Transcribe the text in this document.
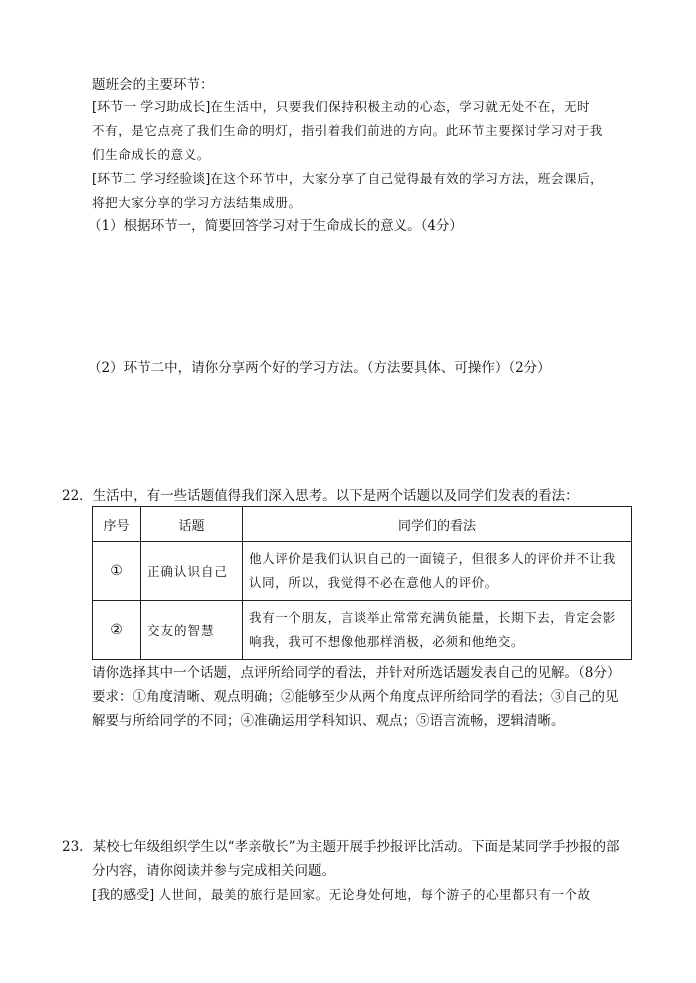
题班会的主要环节：
[环节一 学习助成长]在生活中，只要我们保持积极主动的心态，学习就无处不在，无时
不有，是它点亮了我们生命的明灯，指引着我们前进的方向。此环节主要探讨学习对于我
们生命成长的意义。
[环节二 学习经验谈]在这个环节中，大家分享了自己觉得最有效的学习方法，班会课后，
将把大家分享的学习方法结集成册。
（1）根据环节一，简要回答学习对于生命成长的意义。（4分）
（2）环节二中，请你分享两个好的学习方法。（方法要具体、可操作）（2分）
22．生活中，有一些话题值得我们深入思考。以下是两个话题以及同学们发表的看法：
序号	话题	同学们的看法
①	正确认识自己	他人评价是我们认识自己的一面镜子，但很多人的评价并不让我认同，所以，我觉得不必在意他人的评价。
②	交友的智慧	我有一个朋友，言谈举止常常充满负能量，长期下去，肯定会影响我，我可不想像他那样消极，必须和他绝交。
请你选择其中一个话题，点评所给同学的看法，并针对所选话题发表自己的见解。（8分）
要求：①角度清晰、观点明确；②能够至少从两个角度点评所给同学的看法；③自己的见
解要与所给同学的不同；④准确运用学科知识、观点；⑤语言流畅，逻辑清晰。
23．某校七年级组织学生以“孝亲敬长”为主题开展手抄报评比活动。下面是某同学手抄报的部
分内容，请你阅读并参与完成相关问题。
[我的感受] 人世间，最美的旅行是回家。无论身处何地，每个游子的心里都只有一个故
